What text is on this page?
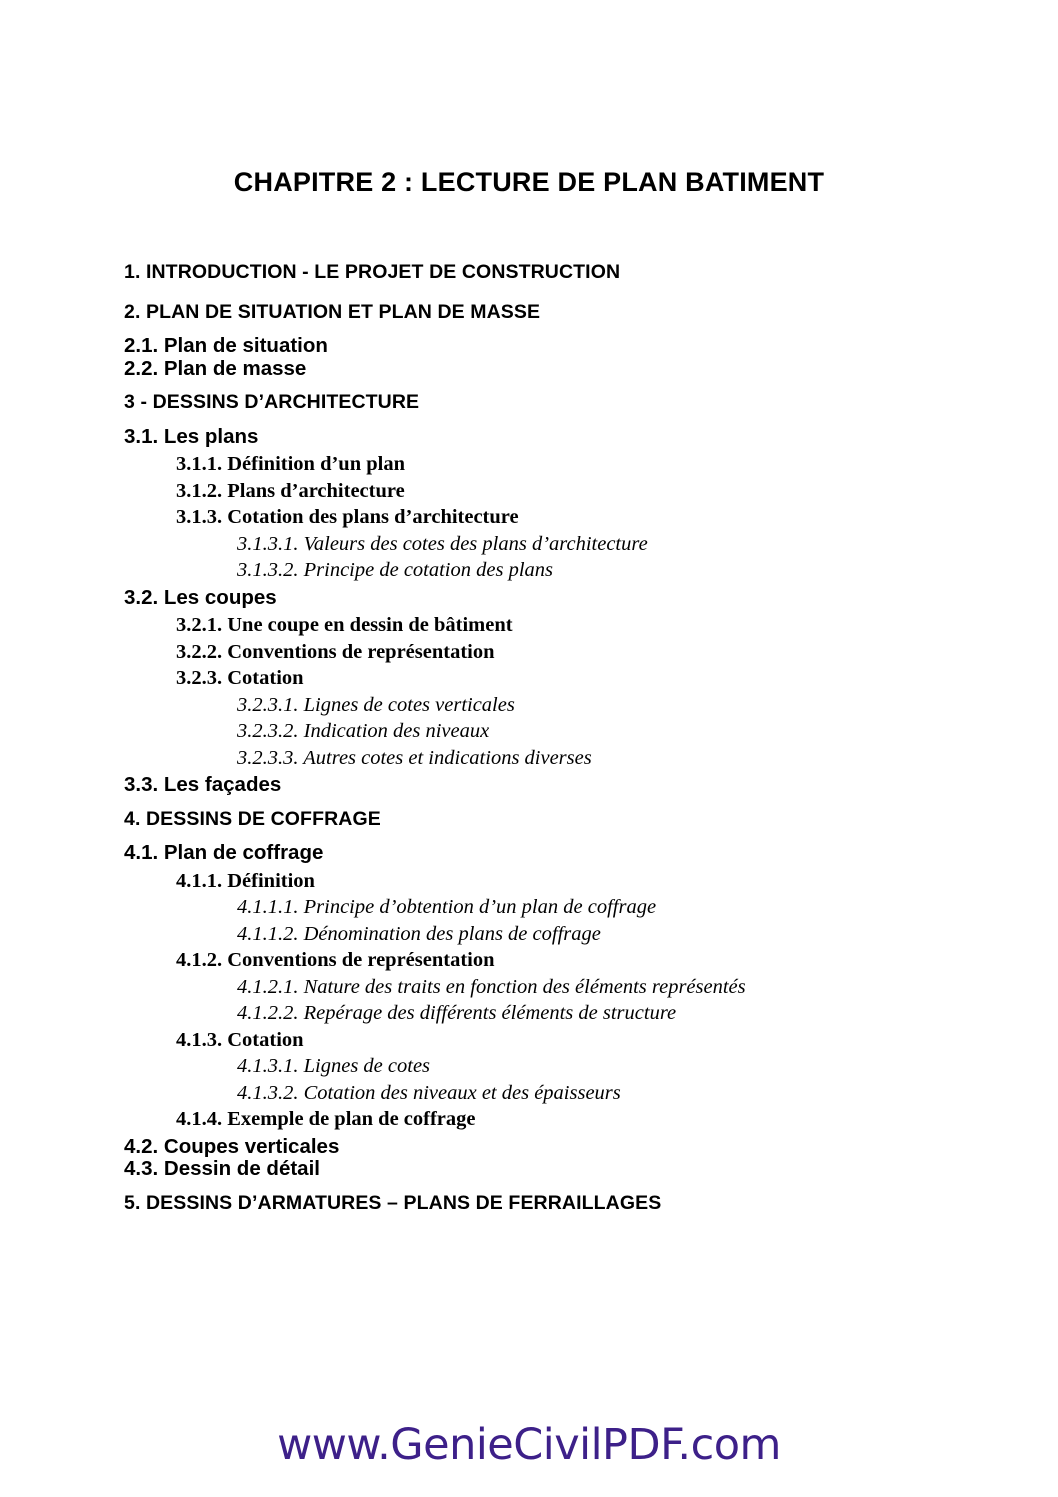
CHAPITRE 2 : LECTURE DE PLAN BATIMENT
1. INTRODUCTION - LE PROJET DE CONSTRUCTION
2. PLAN DE SITUATION ET PLAN DE MASSE
2.1. Plan de situation
2.2. Plan de masse
3 - DESSINS D’ARCHITECTURE
3.1. Les plans
3.1.1. Définition d’un plan
3.1.2. Plans d’architecture
3.1.3. Cotation des plans d’architecture
3.1.3.1. Valeurs des cotes des plans d’architecture
3.1.3.2. Principe de cotation des plans
3.2. Les coupes
3.2.1. Une coupe en dessin de bâtiment
3.2.2. Conventions de représentation
3.2.3. Cotation
3.2.3.1. Lignes de cotes verticales
3.2.3.2. Indication des niveaux
3.2.3.3. Autres cotes et indications diverses
3.3. Les façades
4. DESSINS DE COFFRAGE
4.1. Plan de coffrage
4.1.1. Définition
4.1.1.1. Principe d’obtention d’un plan de coffrage
4.1.1.2. Dénomination des plans de coffrage
4.1.2. Conventions de représentation
4.1.2.1. Nature des traits en fonction des éléments représentés
4.1.2.2. Repérage des différents éléments de structure
4.1.3. Cotation
4.1.3.1. Lignes de cotes
4.1.3.2. Cotation des niveaux et des épaisseurs
4.1.4. Exemple de plan de coffrage
4.2. Coupes verticales
4.3. Dessin de détail
5. DESSINS D’ARMATURES – PLANS DE FERRAILLAGES
www.GenieCivilPDF.com
